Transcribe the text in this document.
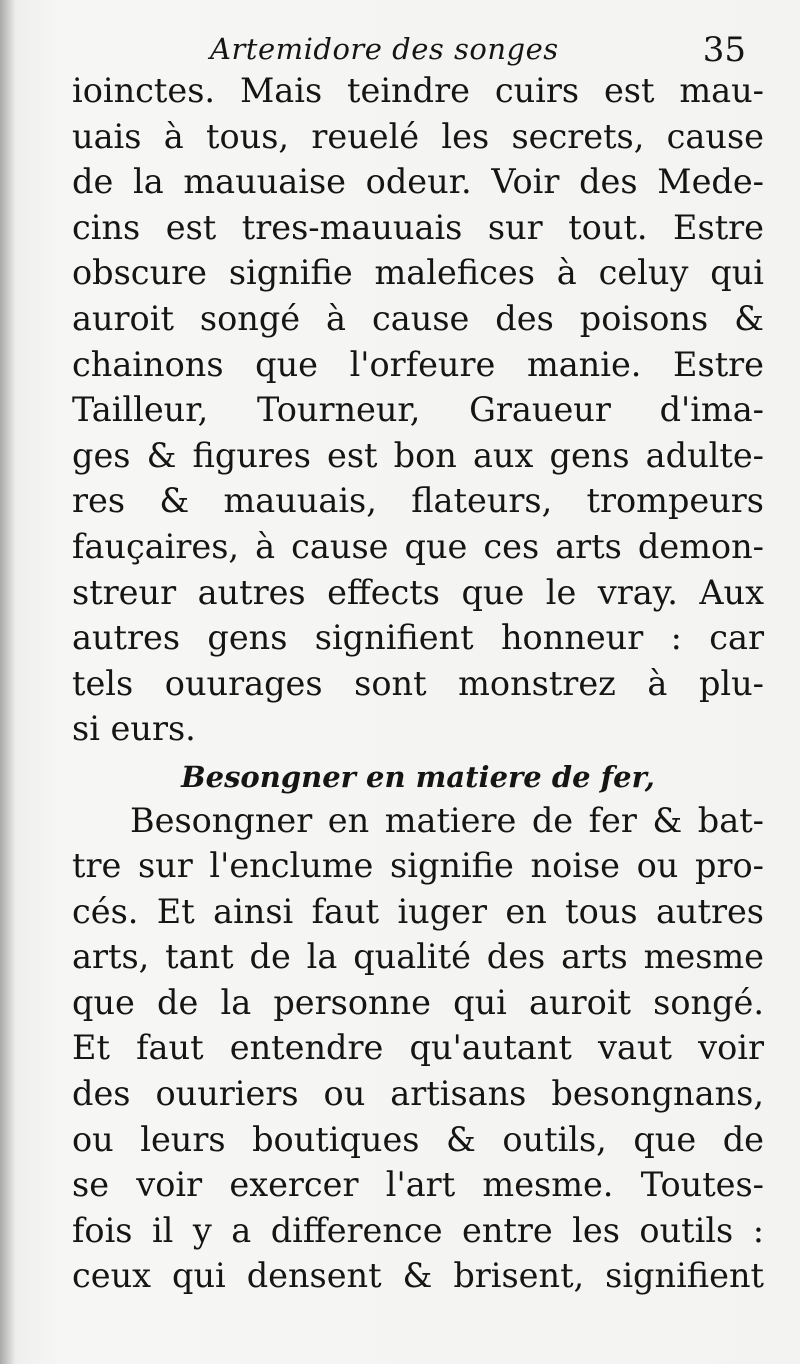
Artemidore des songes	35
ioinctes. Mais teindre cuirs est mau-
uais à tous, reuelé les secrets, cause
de la mauuaise odeur. Voir des Mede-
cins est tres-mauuais sur tout. Estre
obscure signifie malefices à celuy qui
auroit songé à cause des poisons &
chainons que l'orfeure manie. Estre
Tailleur, Tourneur, Graueur d'ima-
ges & figures est bon aux gens adulte-
res & mauuais, flateurs, trompeurs
fauçaires, à cause que ces arts demon-
streur autres effects que le vray. Aux
autres gens signifient honneur : car
tels ouurages sont monstrez à plu-
si eurs.
Besongner en matiere de fer,
Besongner en matiere de fer & bat-
tre sur l'enclume signifie noise ou pro-
cés. Et ainsi faut iuger en tous autres
arts, tant de la qualité des arts mesme
que de la personne qui auroit songé.
Et faut entendre qu'autant vaut voir
des ouuriers ou artisans besongnans,
ou leurs boutiques & outils, que de
se voir exercer l'art mesme. Toutes-
fois il y a difference entre les outils :
ceux qui densent & brisent, signifient
